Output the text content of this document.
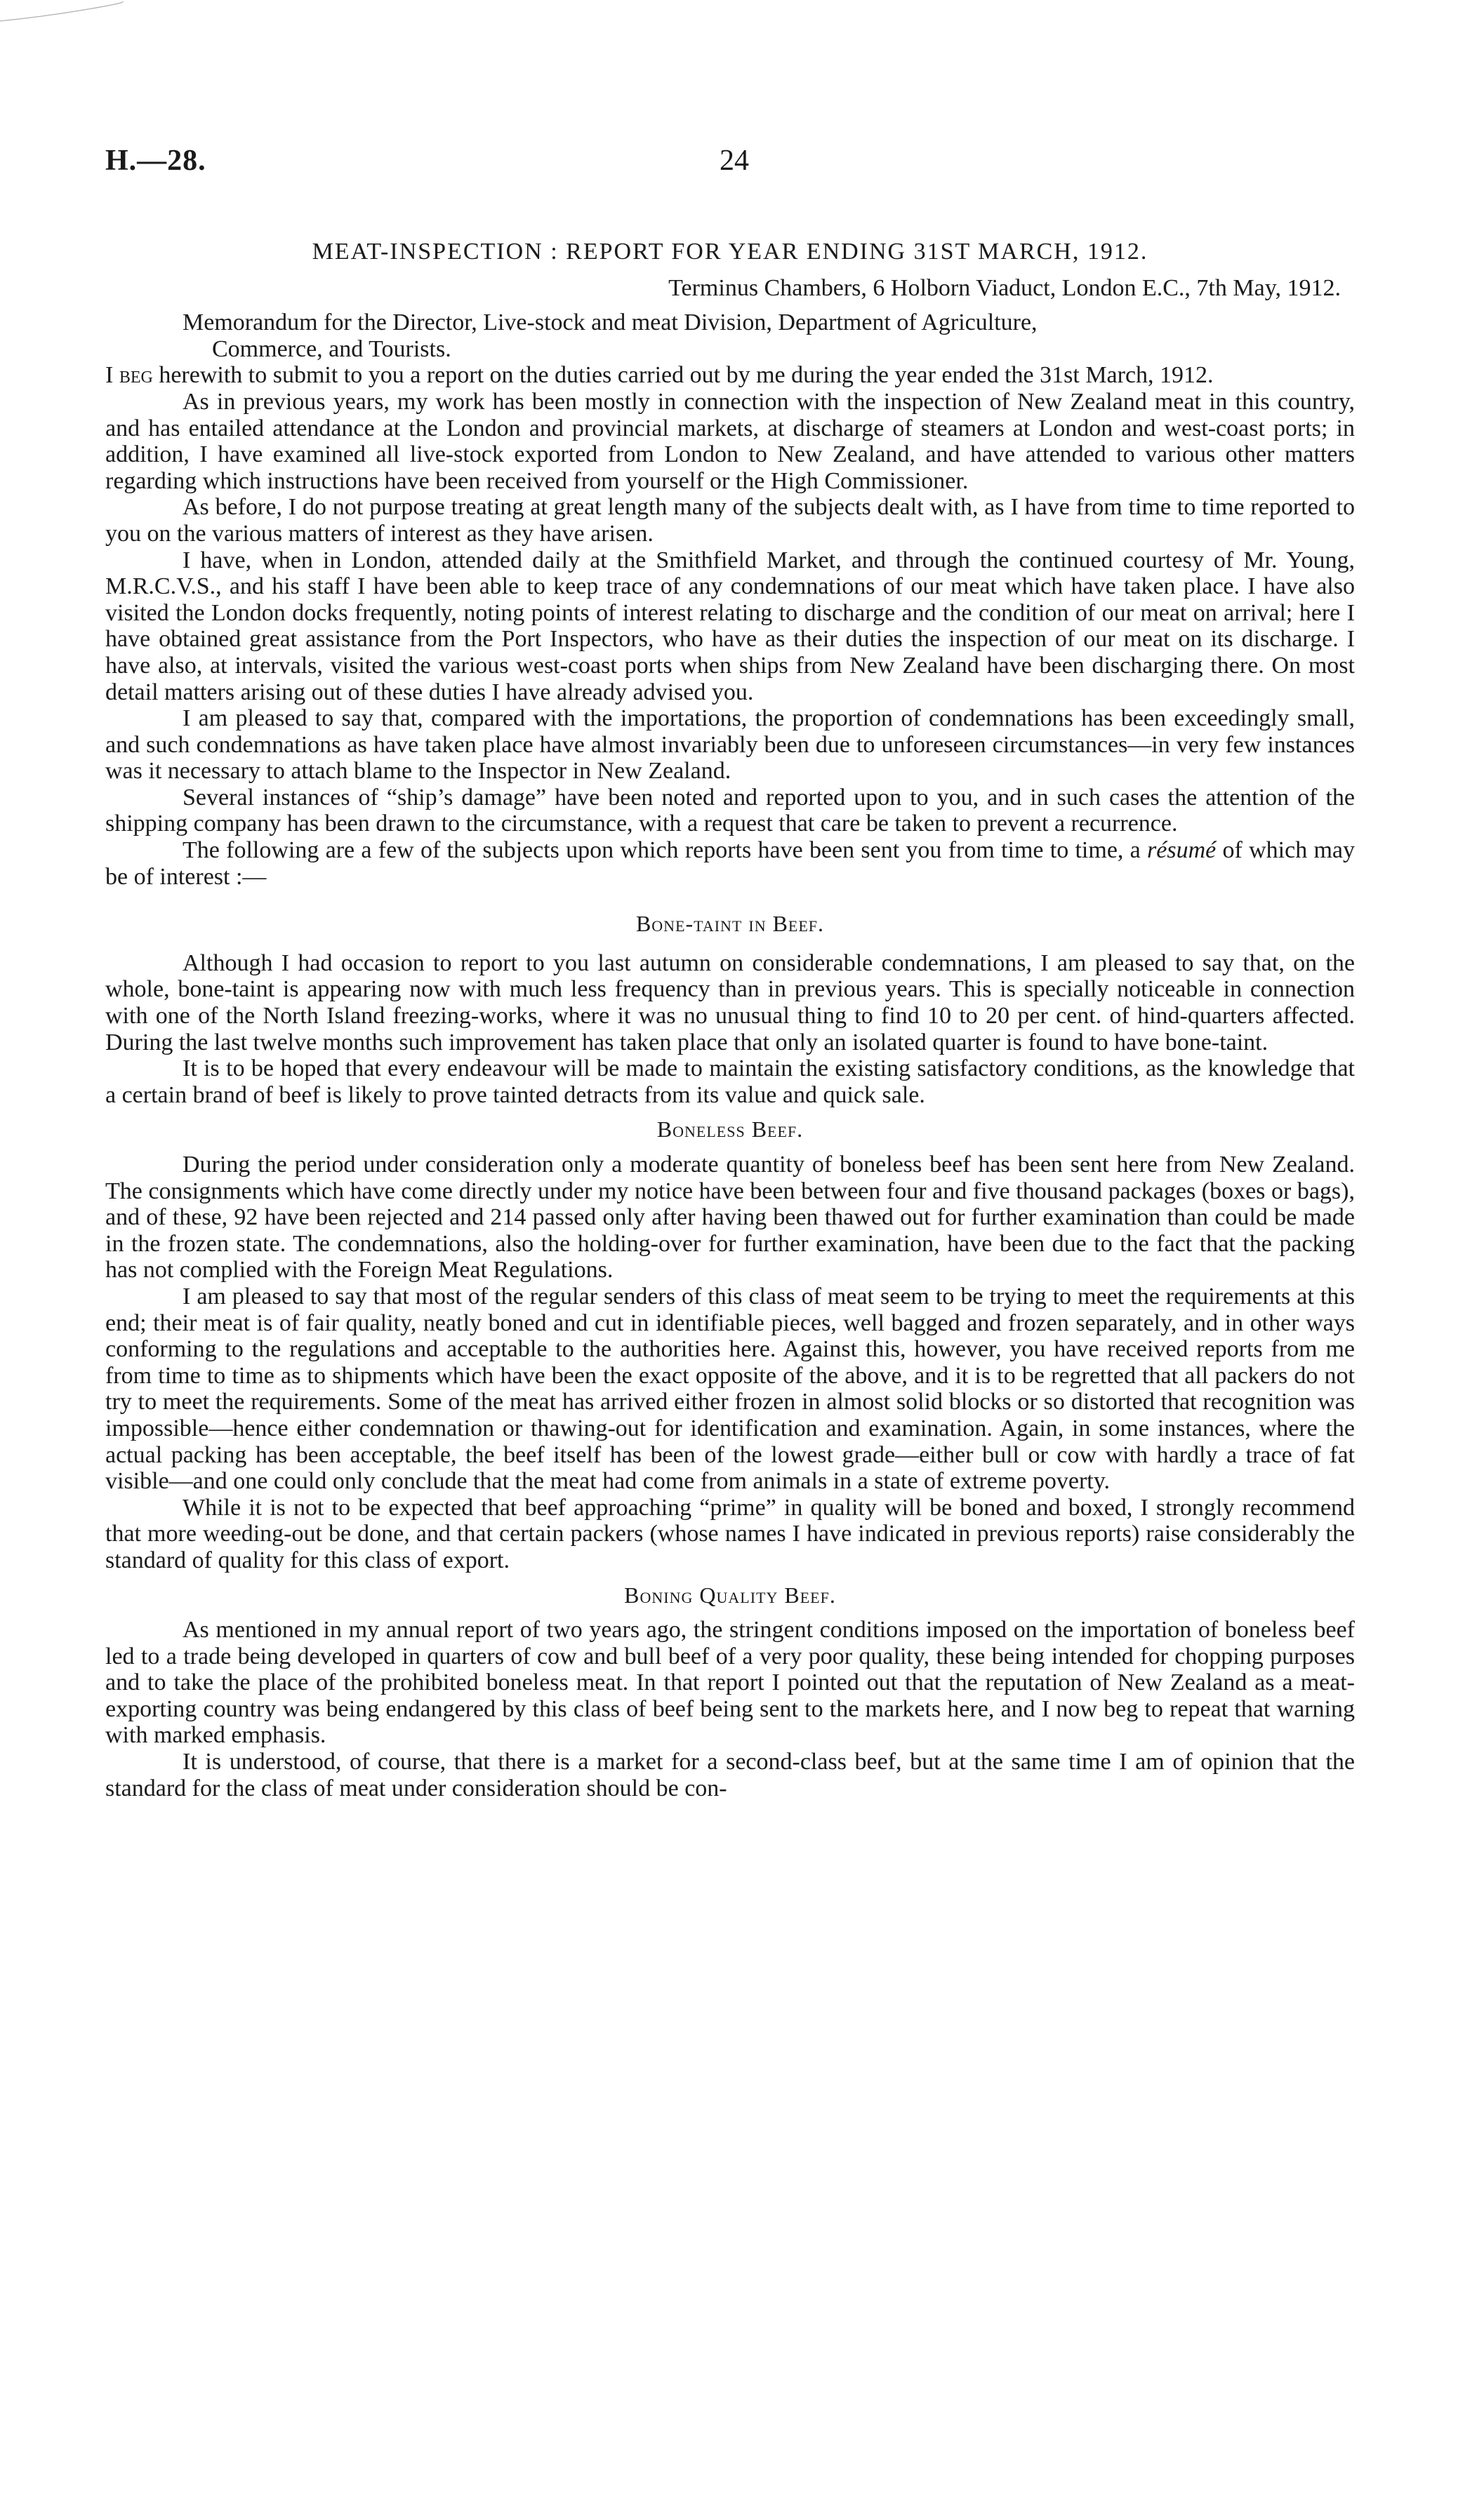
H.—28.	24
MEAT-INSPECTION : REPORT FOR YEAR ENDING 31ST MARCH, 1912.
Terminus Chambers, 6 Holborn Viaduct, London E.C., 7th May, 1912.
Memorandum for the Director, Live-stock and meat Division, Department of Agriculture,
Commerce, and Tourists.

I beg herewith to submit to you a report on the duties carried out by me during the year ended the 31st March, 1912.

As in previous years, my work has been mostly in connection with the inspection of New Zealand meat in this country, and has entailed attendance at the London and provincial markets, at discharge of steamers at London and west-coast ports; in addition, I have examined all live-stock exported from London to New Zealand, and have attended to various other matters regarding which instructions have been received from yourself or the High Commissioner.

As before, I do not purpose treating at great length many of the subjects dealt with, as I have from time to time reported to you on the various matters of interest as they have arisen.

I have, when in London, attended daily at the Smithfield Market, and through the continued courtesy of Mr. Young, M.R.C.V.S., and his staff I have been able to keep trace of any condemnations of our meat which have taken place. I have also visited the London docks frequently, noting points of interest relating to discharge and the condition of our meat on arrival; here I have obtained great assistance from the Port Inspectors, who have as their duties the inspection of our meat on its discharge. I have also, at intervals, visited the various west-coast ports when ships from New Zealand have been discharging there. On most detail matters arising out of these duties I have already advised you.

I am pleased to say that, compared with the importations, the proportion of condemnations has been exceedingly small, and such condemnations as have taken place have almost invariably been due to unforeseen circumstances—in very few instances was it necessary to attach blame to the Inspector in New Zealand.

Several instances of “ship’s damage” have been noted and reported upon to you, and in such cases the attention of the shipping company has been drawn to the circumstance, with a request that care be taken to prevent a recurrence.

The following are a few of the subjects upon which reports have been sent you from time to time, a résumé of which may be of interest :—

Bone-taint in Beef.

Although I had occasion to report to you last autumn on considerable condemnations, I am pleased to say that, on the whole, bone-taint is appearing now with much less frequency than in previous years. This is specially noticeable in connection with one of the North Island freezing-works, where it was no unusual thing to find 10 to 20 per cent. of hind-quarters affected. During the last twelve months such improvement has taken place that only an isolated quarter is found to have bone-taint.

It is to be hoped that every endeavour will be made to maintain the existing satisfactory conditions, as the knowledge that a certain brand of beef is likely to prove tainted detracts from its value and quick sale.

Boneless Beef.

During the period under consideration only a moderate quantity of boneless beef has been sent here from New Zealand. The consignments which have come directly under my notice have been between four and five thousand packages (boxes or bags), and of these, 92 have been rejected and 214 passed only after having been thawed out for further examination than could be made in the frozen state. The condemnations, also the holding-over for further examination, have been due to the fact that the packing has not complied with the Foreign Meat Regulations.

I am pleased to say that most of the regular senders of this class of meat seem to be trying to meet the requirements at this end; their meat is of fair quality, neatly boned and cut in identifiable pieces, well bagged and frozen separately, and in other ways conforming to the regulations and acceptable to the authorities here. Against this, however, you have received reports from me from time to time as to shipments which have been the exact opposite of the above, and it is to be regretted that all packers do not try to meet the requirements. Some of the meat has arrived either frozen in almost solid blocks or so distorted that recognition was impossible—hence either condemnation or thawing-out for identification and examination. Again, in some instances, where the actual packing has been acceptable, the beef itself has been of the lowest grade—either bull or cow with hardly a trace of fat visible—and one could only conclude that the meat had come from animals in a state of extreme poverty.

While it is not to be expected that beef approaching “prime” in quality will be boned and boxed, I strongly recommend that more weeding-out be done, and that certain packers (whose names I have indicated in previous reports) raise considerably the standard of quality for this class of export.

Boning Quality Beef.

As mentioned in my annual report of two years ago, the stringent conditions imposed on the importation of boneless beef led to a trade being developed in quarters of cow and bull beef of a very poor quality, these being intended for chopping purposes and to take the place of the prohibited boneless meat. In that report I pointed out that the reputation of New Zealand as a meat-exporting country was being endangered by this class of beef being sent to the markets here, and I now beg to repeat that warning with marked emphasis.

It is understood, of course, that there is a market for a second-class beef, but at the same time I am of opinion that the standard for the class of meat under consideration should be con-
